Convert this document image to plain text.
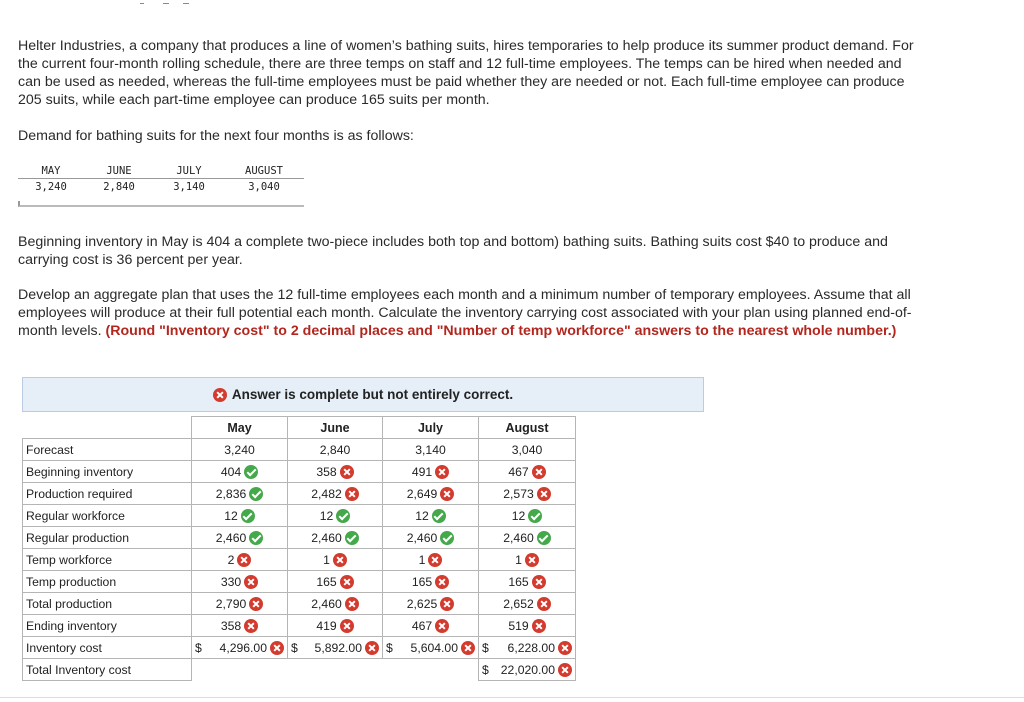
Helter Industries, a company that produces a line of women’s bathing suits, hires temporaries to help produce its summer product demand. For the current four-month rolling schedule, there are three temps on staff and 12 full-time employees. The temps can be hired when needed and can be used as needed, whereas the full-time employees must be paid whether they are needed or not. Each full-time employee can produce 205 suits, while each part-time employee can produce 165 suits per month.

Demand for bathing suits for the next four months is as follows:

MAY	JUNE	JULY	AUGUST
3,240	2,840	3,140	3,040

Beginning inventory in May is 404 a complete two-piece includes both top and bottom) bathing suits. Bathing suits cost $40 to produce and carrying cost is 36 percent per year.

Develop an aggregate plan that uses the 12 full-time employees each month and a minimum number of temporary employees. Assume that all employees will produce at their full potential each month. Calculate the inventory carrying cost associated with your plan using planned end-of-month levels. (Round "Inventory cost" to 2 decimal places and "Number of temp workforce" answers to the nearest whole number.)

Answer is complete but not entirely correct.
	May	June	July	August
Forecast	3,240	2,840	3,140	3,040
Beginning inventory	404	358	491	467

Production required	2,836	2,482	2,649	2,573

Regular workforce	12	12	12	12

Regular production	2,460	2,460	2,460	2,460

Temp workforce	2	1	1	1

Temp production	330	165	165	165

Total production	2,790	2,460	2,625	2,652

Ending inventory	358	419	467	519

Inventory cost	$ 4,296.00	$ 5,892.00	$ 5,604.00	$ 6,228.00

Total Inventory cost				$ 22,020.00
